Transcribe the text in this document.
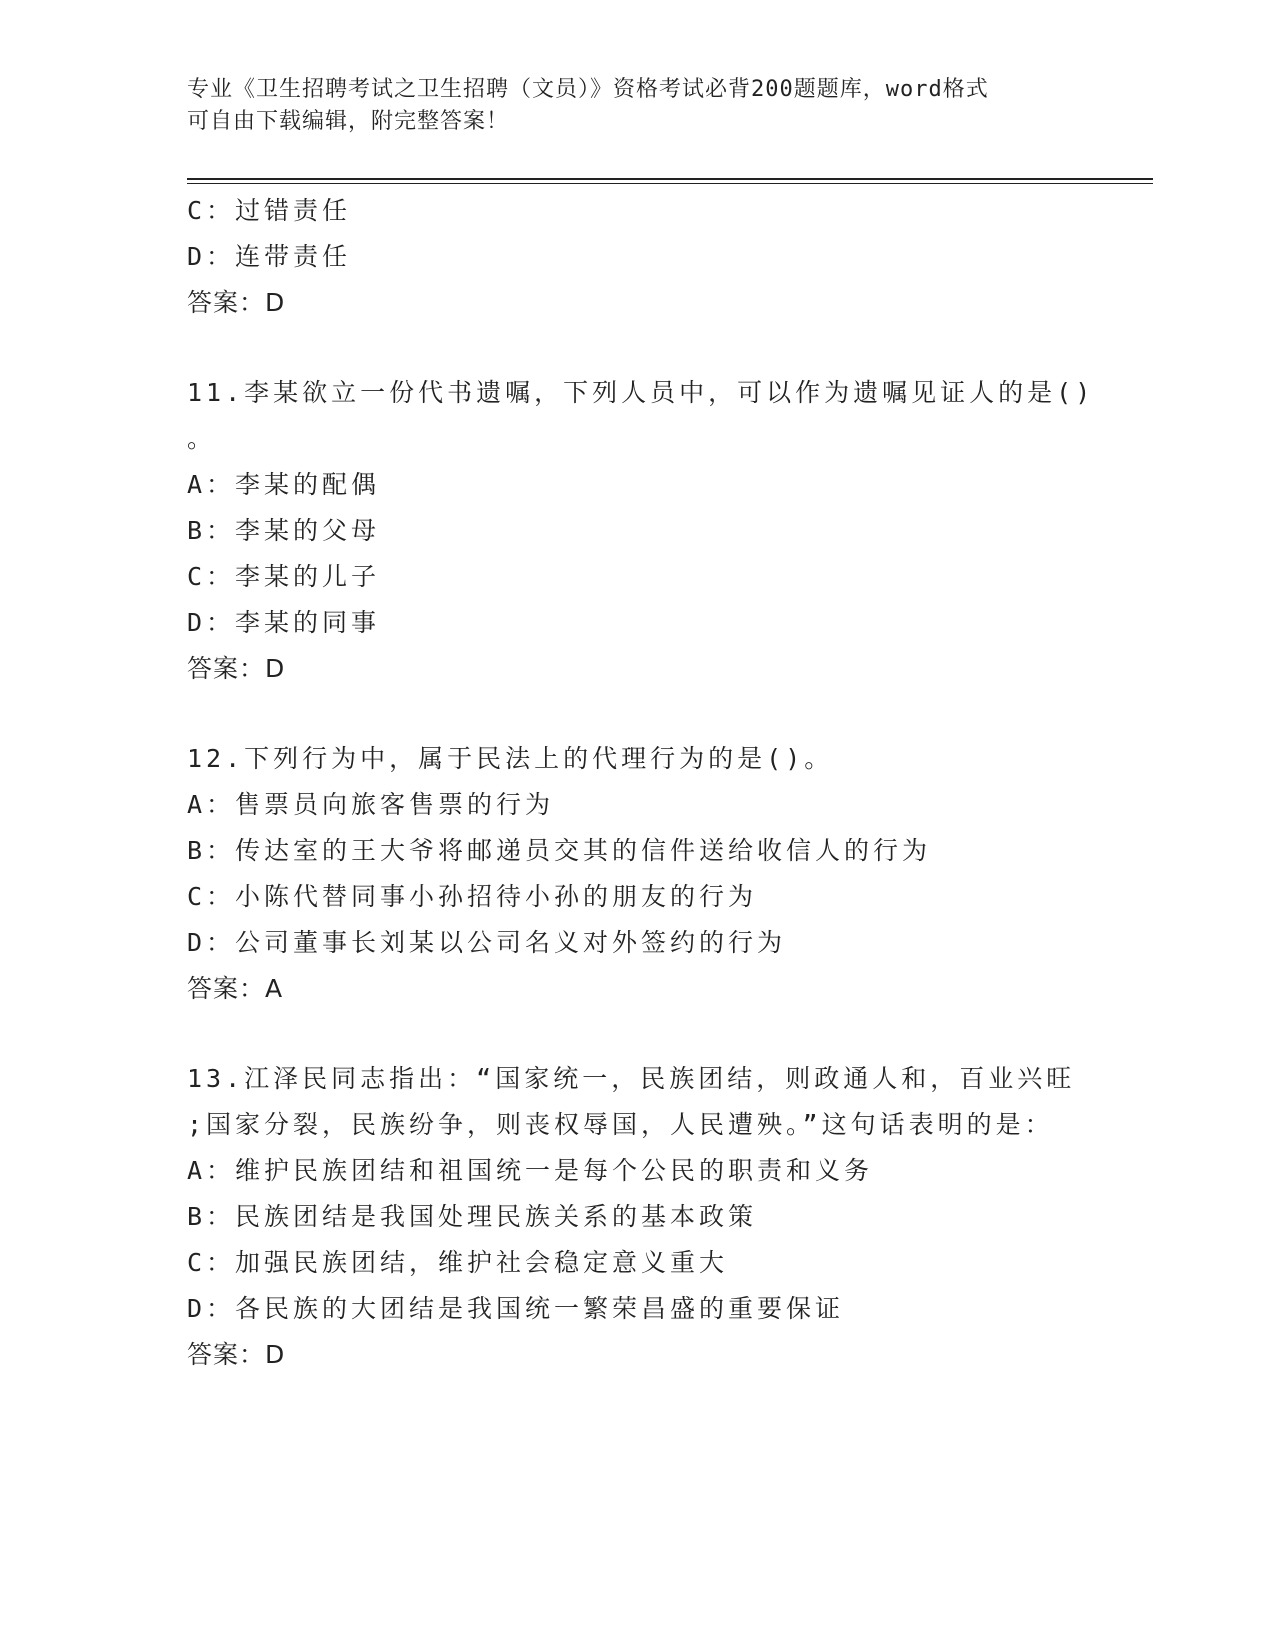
专业《卫生招聘考试之卫生招聘（文员）》资格考试必背200题题库，word格式
可自由下载编辑，附完整答案！
C：过错责任
D：连带责任
答案：D
11.李某欲立一份代书遗嘱，下列人员中，可以作为遗嘱见证人的是()
。
A：李某的配偶
B：李某的父母
C：李某的儿子
D：李某的同事
答案：D
12.下列行为中，属于民法上的代理行为的是()。
A：售票员向旅客售票的行为
B：传达室的王大爷将邮递员交其的信件送给收信人的行为
C：小陈代替同事小孙招待小孙的朋友的行为
D：公司董事长刘某以公司名义对外签约的行为
答案：A
13.江泽民同志指出：“国家统一，民族团结，则政通人和，百业兴旺
;国家分裂，民族纷争，则丧权辱国，人民遭殃。”这句话表明的是：
A：维护民族团结和祖国统一是每个公民的职责和义务
B：民族团结是我国处理民族关系的基本政策
C：加强民族团结，维护社会稳定意义重大
D：各民族的大团结是我国统一繁荣昌盛的重要保证
答案：D
